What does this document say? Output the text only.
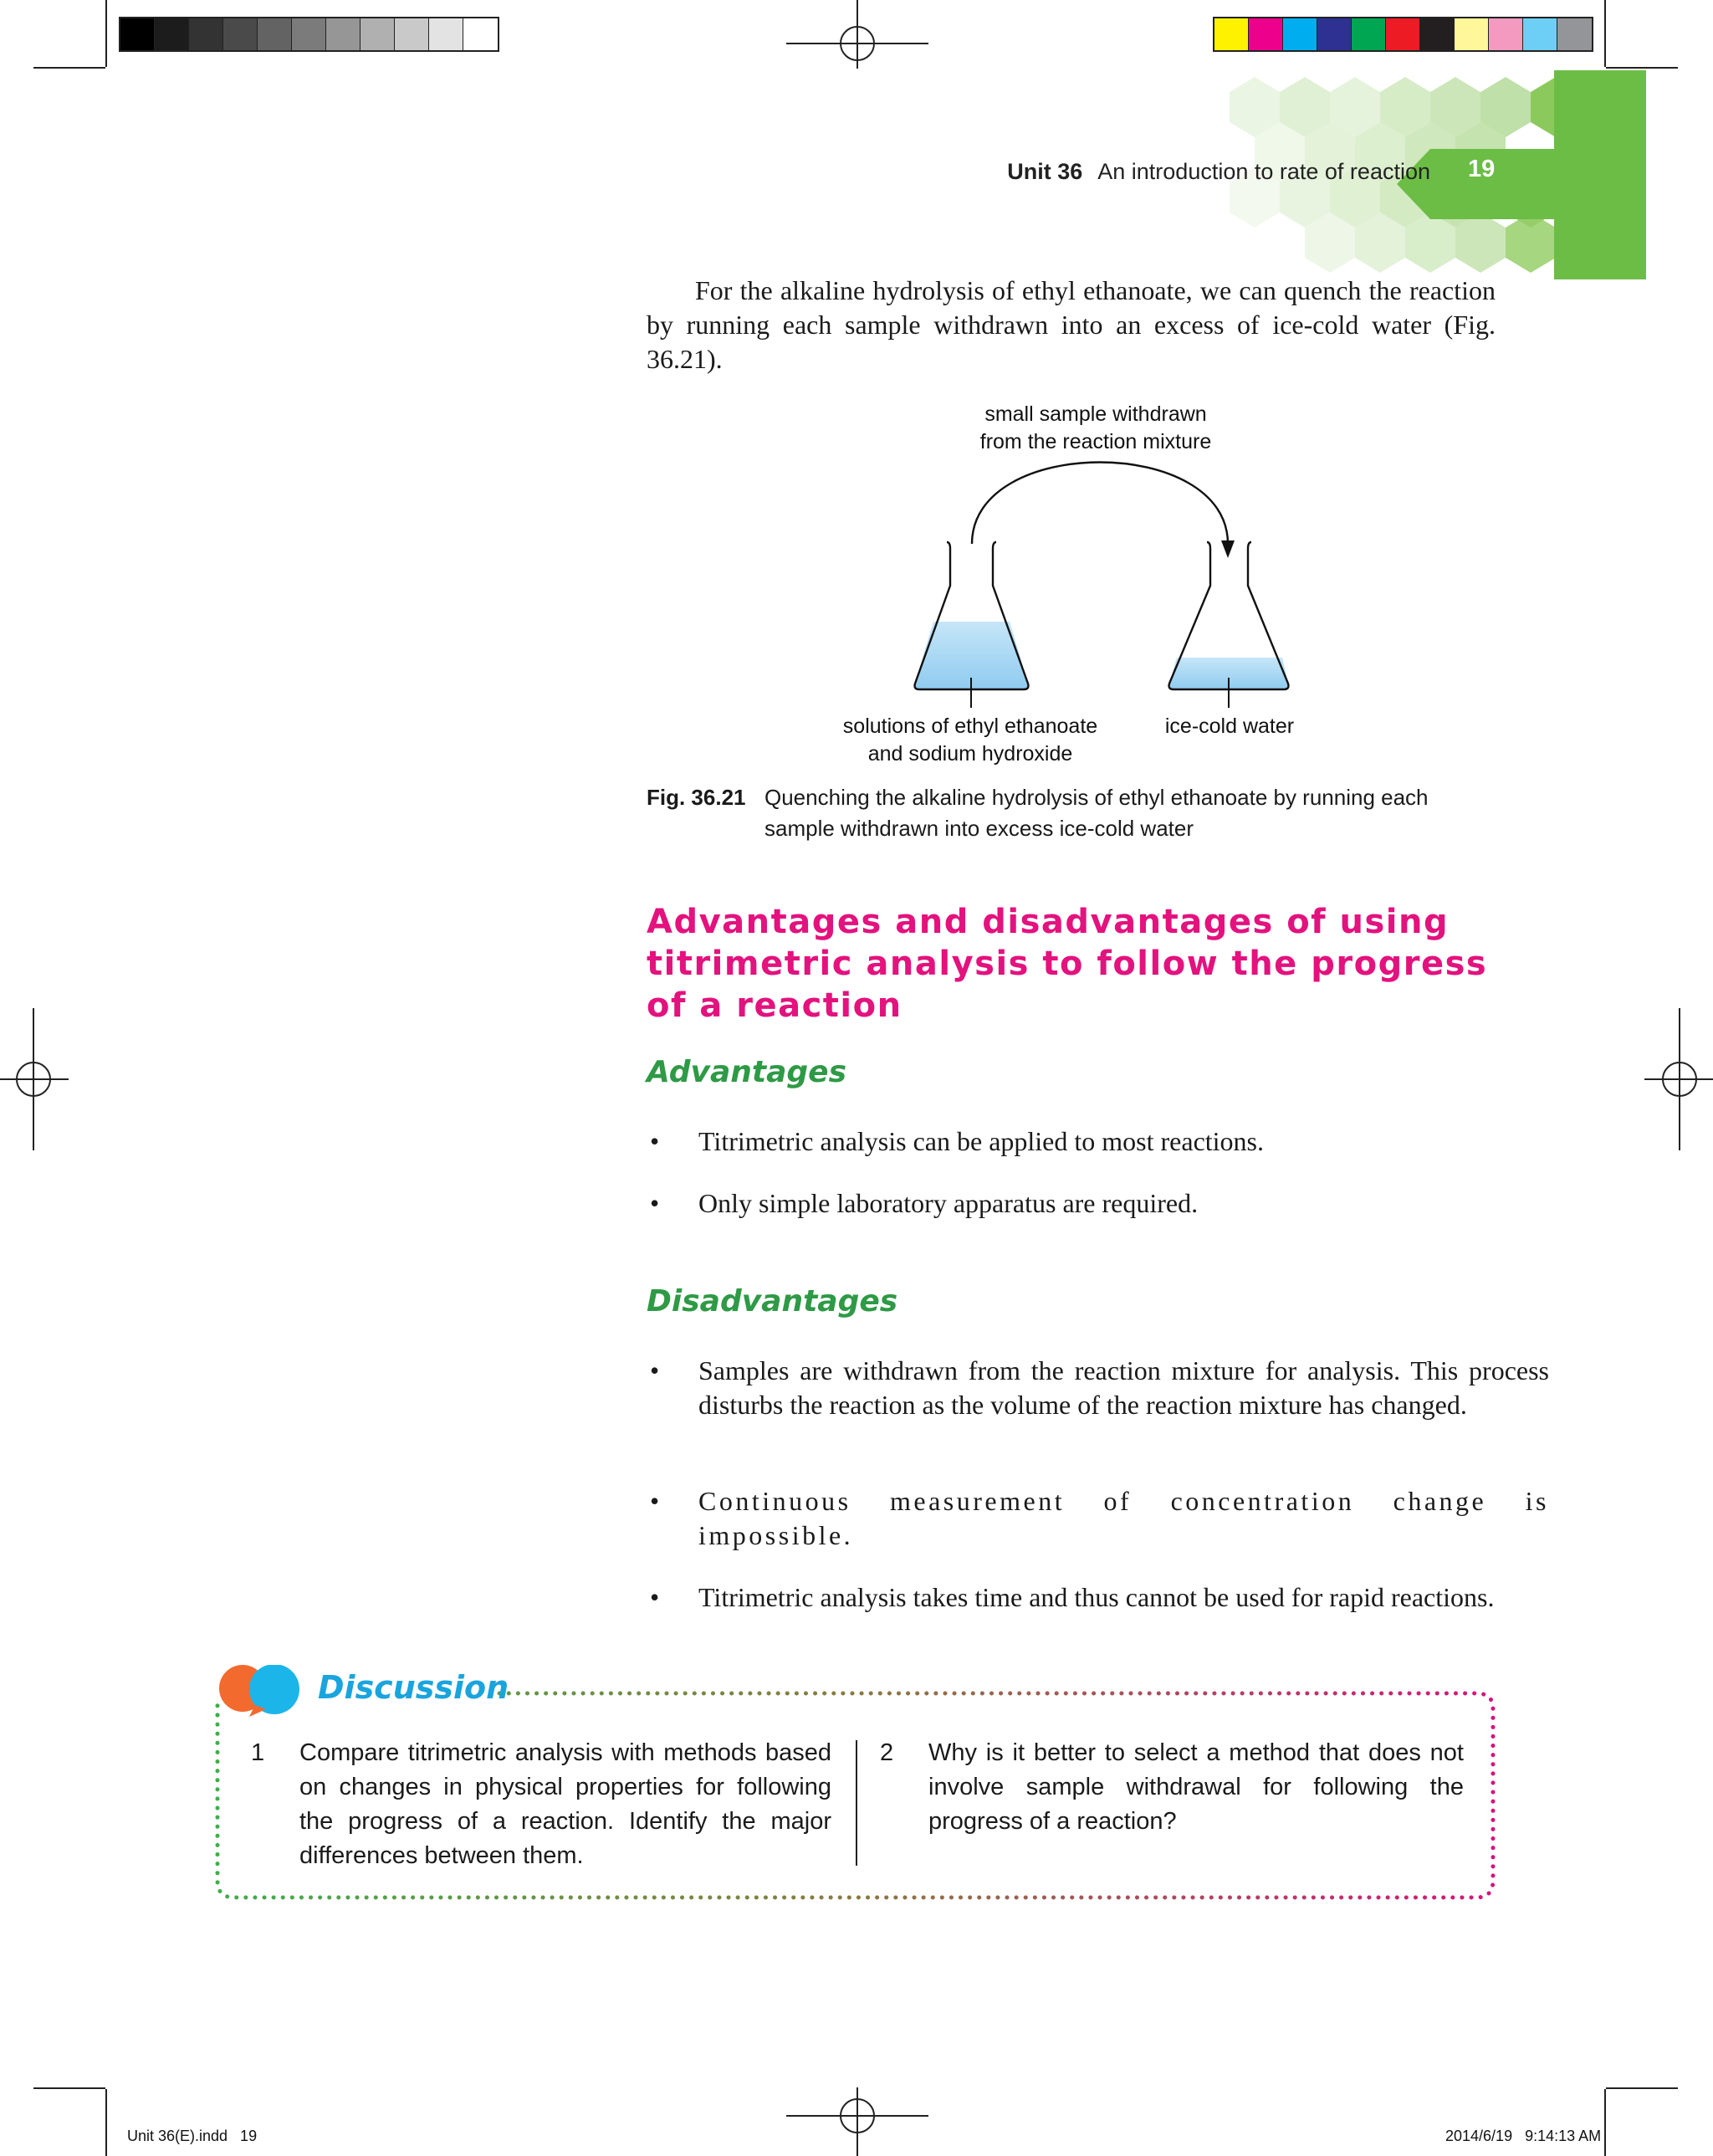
Unit 36 An introduction to rate of reaction 19
For the alkaline hydrolysis of ethyl ethanoate, we can quench the reaction by running each sample withdrawn into an excess of ice-cold water (Fig. 36.21).
small sample withdrawn
from the reaction mixture
solutions of ethyl ethanoate
and sodium hydroxide
ice-cold water
Fig. 36.21 Quenching the alkaline hydrolysis of ethyl ethanoate by running each
sample withdrawn into excess ice-cold water
Advantages and disadvantages of using
titrimetric analysis to follow the progress
of a reaction
Advantages
• Titrimetric analysis can be applied to most reactions.
• Only simple laboratory apparatus are required.
Disadvantages
• Samples are withdrawn from the reaction mixture for analysis. This process disturbs the reaction as the volume of the reaction mixture has changed.
• Continuous measurement of concentration change is impossible.
• Titrimetric analysis takes time and thus cannot be used for rapid reactions.
Discussion
1 Compare titrimetric analysis with methods based on changes in physical properties for following the progress of a reaction. Identify the major differences between them.
2 Why is it better to select a method that does not involve sample withdrawal for following the progress of a reaction?
Unit 36(E).indd   19	2014/6/19   9:14:13 AM
